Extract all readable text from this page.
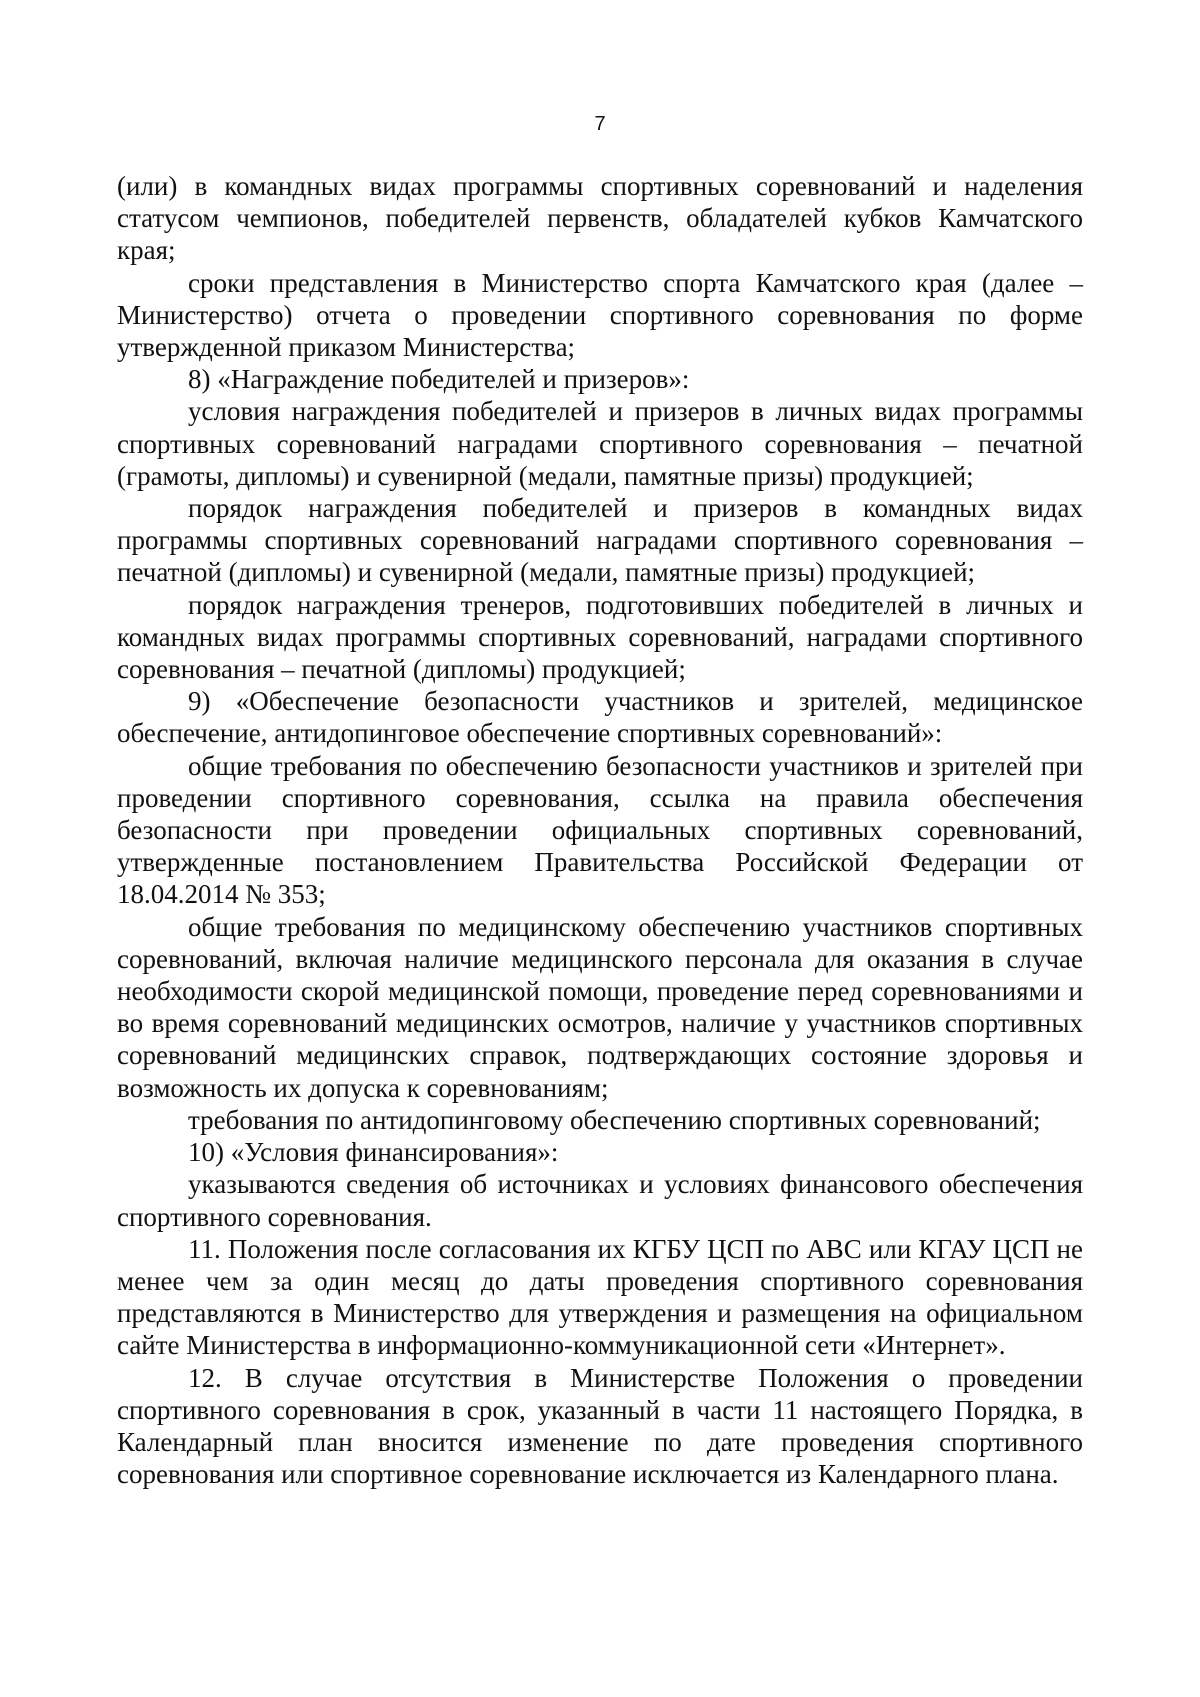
7

(или) в командных видах программы спортивных соревнований и наделения статусом чемпионов, победителей первенств, обладателей кубков Камчатского края;

сроки представления в Министерство спорта Камчатского края (далее – Министерство) отчета о проведении спортивного соревнования по форме утвержденной приказом Министерства;

8) «Награждение победителей и призеров»:

условия награждения победителей и призеров в личных видах программы спортивных соревнований наградами спортивного соревнования – печатной (грамоты, дипломы) и сувенирной (медали, памятные призы) продукцией;

порядок награждения победителей и призеров в командных видах программы спортивных соревнований наградами спортивного соревнования – печатной (дипломы) и сувенирной (медали, памятные призы) продукцией;

порядок награждения тренеров, подготовивших победителей в личных и командных видах программы спортивных соревнований, наградами спортивного соревнования – печатной (дипломы) продукцией;

9) «Обеспечение безопасности участников и зрителей, медицинское обеспечение, антидопинговое обеспечение спортивных соревнований»:

общие требования по обеспечению безопасности участников и зрителей при проведении спортивного соревнования, ссылка на правила обеспечения безопасности при проведении официальных спортивных соревнований, утвержденные постановлением Правительства Российской Федерации от 18.04.2014 № 353;

общие требования по медицинскому обеспечению участников спортивных соревнований, включая наличие медицинского персонала для оказания в случае необходимости скорой медицинской помощи, проведение перед соревнованиями и во время соревнований медицинских осмотров, наличие у участников спортивных соревнований медицинских справок, подтверждающих состояние здоровья и возможность их допуска к соревнованиям;

требования по антидопинговому обеспечению спортивных соревнований;

10) «Условия финансирования»:

указываются сведения об источниках и условиях финансового обеспечения спортивного соревнования.

11. Положения после согласования их КГБУ ЦСП по АВС или КГАУ ЦСП не менее чем за один месяц до даты проведения спортивного соревнования представляются в Министерство для утверждения и размещения на официальном сайте Министерства в информационно-коммуникационной сети «Интернет».

12. В случае отсутствия в Министерстве Положения о проведении спортивного соревнования в срок, указанный в части 11 настоящего Порядка, в Календарный план вносится изменение по дате проведения спортивного соревнования или спортивное соревнование исключается из Календарного плана.
